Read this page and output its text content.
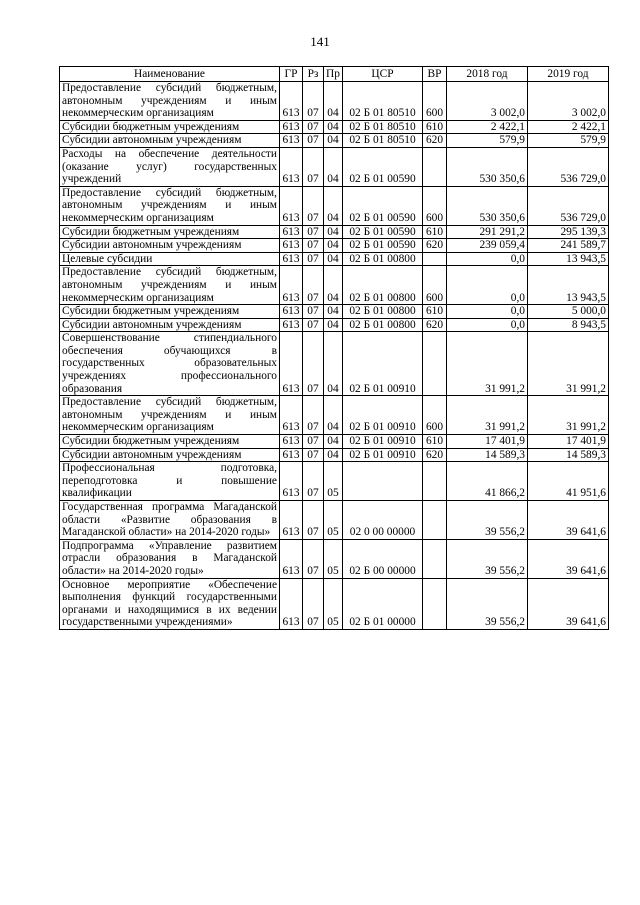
141
Наименование	ГР	Рз	Пр	ЦСР	ВР	2018 год	2019 год
Предоставление субсидий бюджетным, автономным учреждениям и иным некоммерческим организациям	613	07	04	02 Б 01 80510	600	3 002,0	3 002,0
Субсидии бюджетным учреждениям	613	07	04	02 Б 01 80510	610	2 422,1	2 422,1
Субсидии автономным учреждениям	613	07	04	02 Б 01 80510	620	579,9	579,9
Расходы на обеспечение деятельности (оказание услуг) государственных учреждений	613	07	04	02 Б 01 00590		530 350,6	536 729,0
Предоставление субсидий бюджетным, автономным учреждениям и иным некоммерческим организациям	613	07	04	02 Б 01 00590	600	530 350,6	536 729,0
Субсидии бюджетным учреждениям	613	07	04	02 Б 01 00590	610	291 291,2	295 139,3
Субсидии автономным учреждениям	613	07	04	02 Б 01 00590	620	239 059,4	241 589,7
Целевые субсидии	613	07	04	02 Б 01 00800		0,0	13 943,5
Предоставление субсидий бюджетным, автономным учреждениям и иным некоммерческим организациям	613	07	04	02 Б 01 00800	600	0,0	13 943,5
Субсидии бюджетным учреждениям	613	07	04	02 Б 01 00800	610	0,0	5 000,0
Субсидии автономным учреждениям	613	07	04	02 Б 01 00800	620	0,0	8 943,5
Совершенствование стипендиального обеспечения обучающихся в государственных образовательных учреждениях профессионального образования	613	07	04	02 Б 01 00910		31 991,2	31 991,2
Предоставление субсидий бюджетным, автономным учреждениям и иным некоммерческим организациям	613	07	04	02 Б 01 00910	600	31 991,2	31 991,2
Субсидии бюджетным учреждениям	613	07	04	02 Б 01 00910	610	17 401,9	17 401,9
Субсидии автономным учреждениям	613	07	04	02 Б 01 00910	620	14 589,3	14 589,3
Профессиональная подготовка, переподготовка и повышение квалификации	613	07	05			41 866,2	41 951,6
Государственная программа Магаданской области «Развитие образования в Магаданской области» на 2014-2020 годы»	613	07	05	02 0 00 00000		39 556,2	39 641,6
Подпрограмма «Управление развитием отрасли образования в Магаданской области» на 2014-2020 годы»	613	07	05	02 Б 00 00000		39 556,2	39 641,6
Основное мероприятие «Обеспечение выполнения функций государственными органами и находящимися в их ведении государственными учреждениями»	613	07	05	02 Б 01 00000		39 556,2	39 641,6
